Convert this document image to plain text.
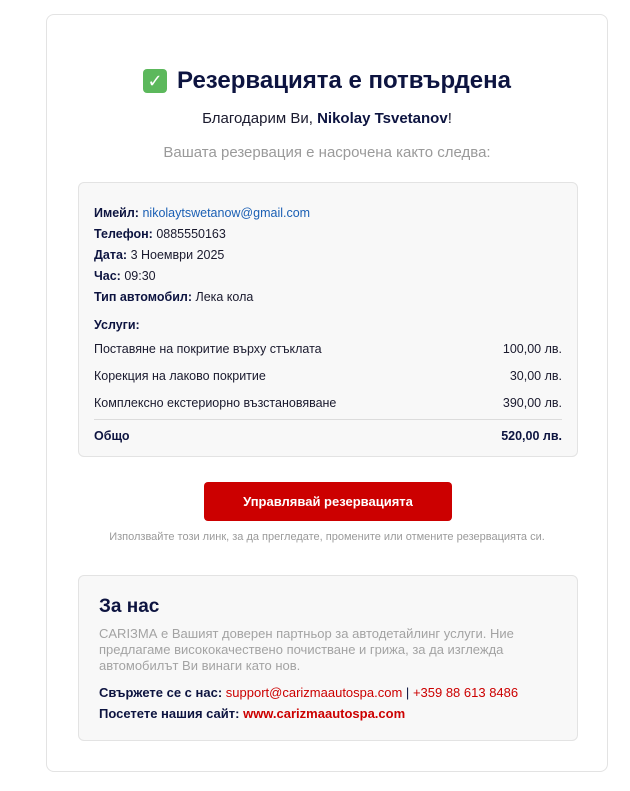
✓ Резервацията е потвърдена

Благодарим Ви, Nikolay Tsvetanov!

Вашата резервация е насрочена както следва:

Имейл: nikolaytswetanow@gmail.com
Телефон: 0885550163
Дата: 3 Ноември 2025
Час: 09:30
Тип автомобил: Лека кола
Услуги:
Поставяне на покритие върху стъклата	100,00 лв.
Корекция на лаково покритие	30,00 лв.
Комплексно екстериорно възстановяване	390,00 лв.
Общо	520,00 лв.
Управлявай резервацията

Използвайте този линк, за да прегледате, промените или отмените резервацията си.

За нас

CARIЗМА е Вашият доверен партньор за автодетайлинг услуги. Ние предлагаме висококачествено почистване и грижа, за да изглежда автомобилът Ви винаги като нов.

Свържете се с нас: support@carizmaautospa.com | +359 88 613 8486

Посетете нашия сайт: www.carizmaautospa.com
